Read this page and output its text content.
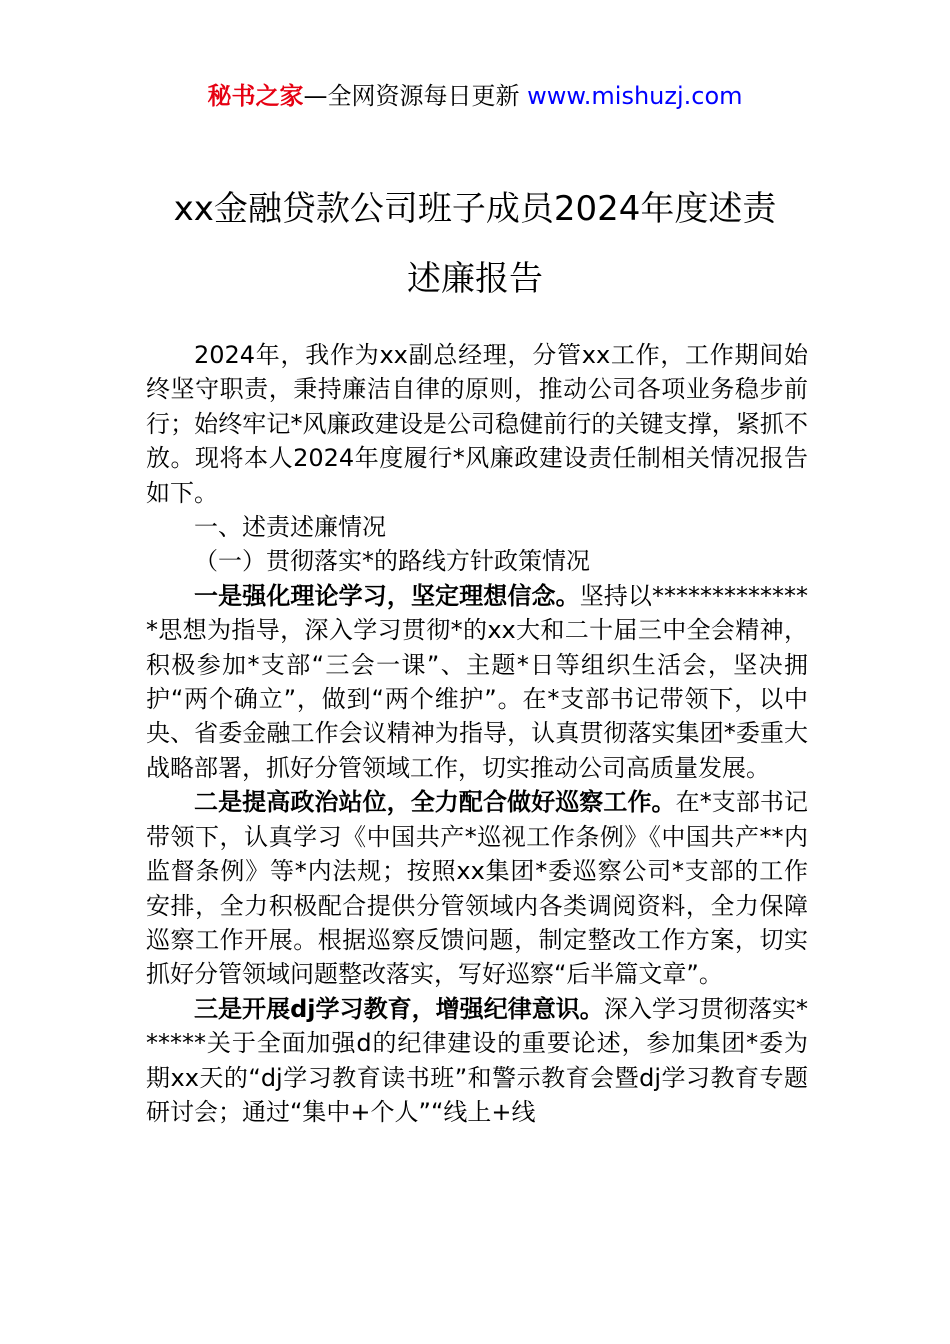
秘书之家—全网资源每日更新 www.mishuzj.com
xx金融贷款公司班子成员2024年度述责
述廉报告

2024年，我作为xx副总经理，分管xx工作，工作期间始终坚守职责，秉持廉洁自律的原则，推动公司各项业务稳步前行；始终牢记*风廉政建设是公司稳健前行的关键支撑，紧抓不放。现将本人2024年度履行*风廉政建设责任制相关情况报告如下。

一、述责述廉情况

（一）贯彻落实*的路线方针政策情况

一是强化理论学习，坚定理想信念。坚持以**************思想为指导，深入学习贯彻*的xx大和二十届三中全会精神，积极参加*支部“三会一课”、主题*日等组织生活会，坚决拥护“两个确立”，做到“两个维护”。在*支部书记带领下，以中央、省委金融工作会议精神为指导，认真贯彻落实集团*委重大战略部署，抓好分管领域工作，切实推动公司高质量发展。

二是提高政治站位，全力配合做好巡察工作。在*支部书记带领下，认真学习《中国共产*巡视工作条例》《中国共产**内监督条例》等*内法规；按照xx集团*委巡察公司*支部的工作安排，全力积极配合提供分管领域内各类调阅资料，全力保障巡察工作开展。根据巡察反馈问题，制定整改工作方案，切实抓好分管领域问题整改落实，写好巡察“后半篇文章”。

三是开展dj学习教育，增强纪律意识。深入学习贯彻落实******关于全面加强d的纪律建设的重要论述，参加集团*委为期xx天的“dj学习教育读书班”和警示教育会暨dj学习教育专题研讨会；通过“集中+个人”“线上+线
